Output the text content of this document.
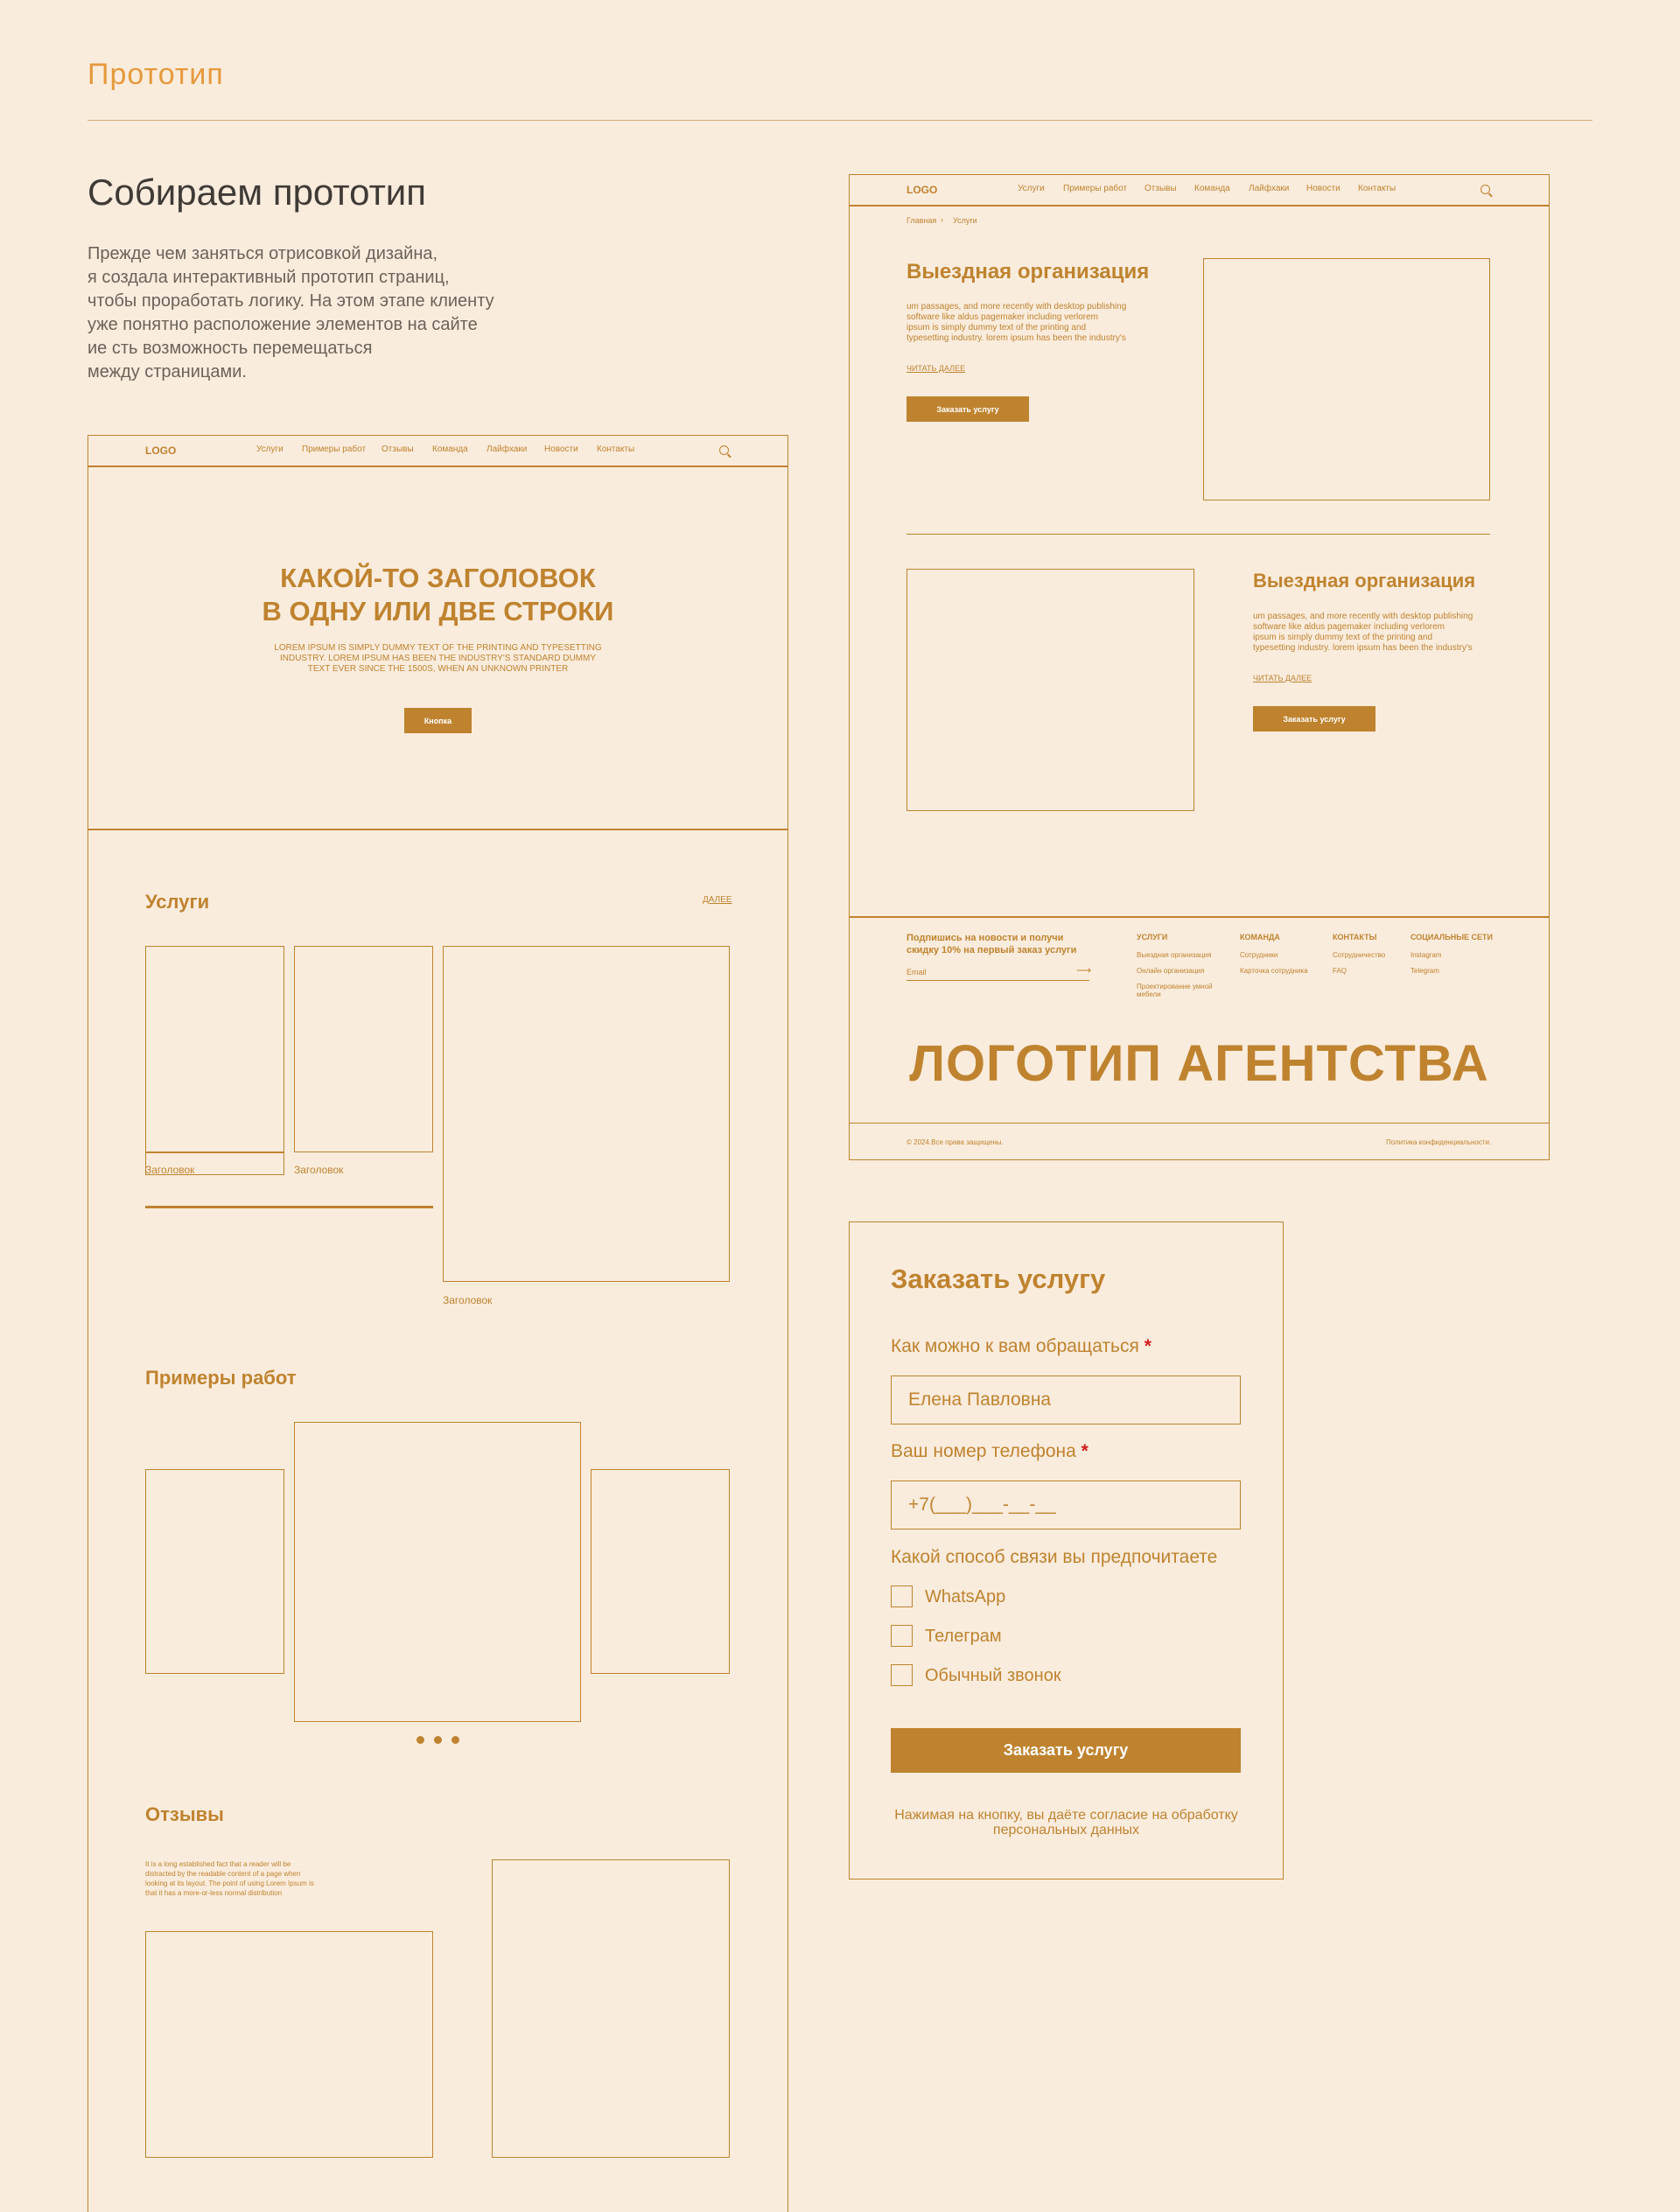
Прототип
Собираем прототип
Прежде чем заняться отрисовкой дизайна,
я создала интерактивный прототип страниц,
чтобы проработать логику. На этом этапе клиенту
уже понятно расположение элементов на сайте
ие сть возможность перемещаться
между страницами.
LOGO	Услуги Примеры работ Отзывы Команда Лайфхаки Новости Контакты
КАКОЙ-ТО ЗАГОЛОВОК
В ОДНУ ИЛИ ДВЕ СТРОКИ
LOREM IPSUM IS SIMPLY DUMMY TEXT OF THE PRINTING AND TYPESETTING
INDUSTRY. LOREM IPSUM HAS BEEN THE INDUSTRY'S STANDARD DUMMY
TEXT EVER SINCE THE 1500S, WHEN AN UNKNOWN PRINTER
Кнопка
Услуги	ДАЛЕЕ
Заголовок	Заголовок
Заголовок
Примеры работ
Отзывы
It is a long established fact that a reader will be
distracted by the readable content of a page when
looking at its layout. The point of using Lorem Ipsum is
that it has a more-or-less normal distribution
LOGO	Услуги Примеры работ Отзывы Команда Лайфхаки Новости Контакты
Главная › Услуги
Выездная организация
um passages, and more recently with desktop publishing
software like aldus pagemaker including verlorem
ipsum is simply dummy text of the printing and
typesetting industry. lorem ipsum has been the industry's
ЧИТАТЬ ДАЛЕЕ
Заказать услугу
Выездная организация
um passages, and more recently with desktop publishing
software like aldus pagemaker including verlorem
ipsum is simply dummy text of the printing and
typesetting industry. lorem ipsum has been the industry's
ЧИТАТЬ ДАЛЕЕ
Заказать услугу
Подпишись на новости и получи
скидку 10% на первый заказ услуги
Email	⟶
УСЛУГИ
Выездная организация
Онлайн организация
Проектирование умной
мебели
КОМАНДА
Сотрудники
Карточка сотрудника
КОНТАКТЫ
Сотрудничество
FAQ
СОЦИАЛЬНЫЕ СЕТИ
Instagram
Telegram
ЛОГОТИП АГЕНТСТВА
© 2024.Все права защищены.	Политика конфиденциальности.
Заказать услугу
Как можно к вам обращаться *
Елена Павловна
Ваш номер телефона *
+7(___)___-__-__
Какой способ связи вы предпочитаете
WhatsApp
Телеграм
Обычный звонок
Заказать услугу
Нажимая на кнопку, вы даёте согласие на обработку
персональных данных
